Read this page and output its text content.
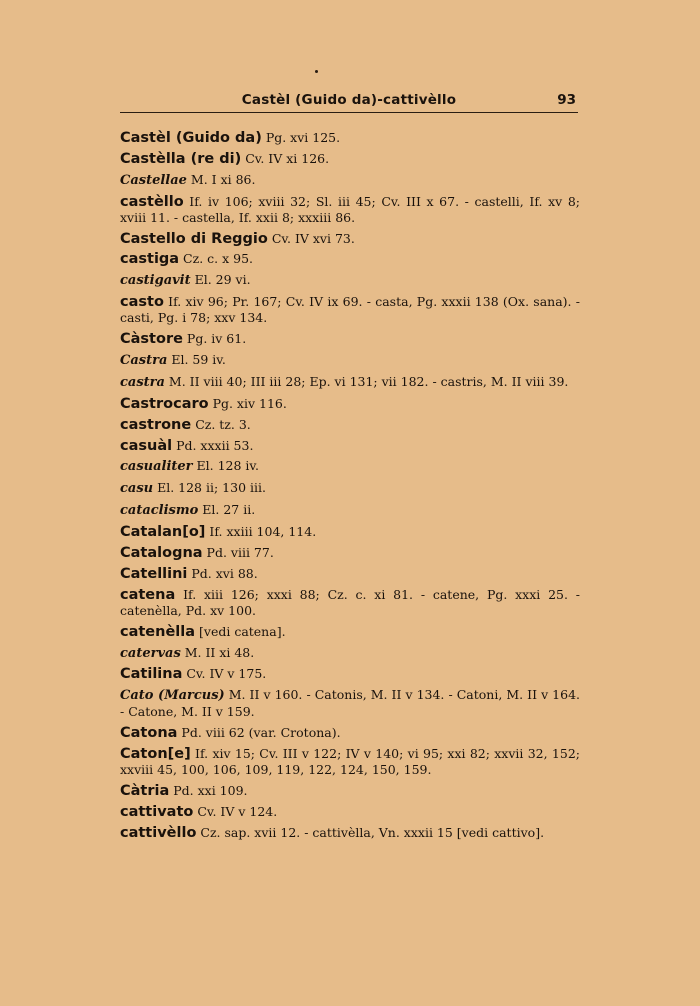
Castèl (Guido da)-cattivèllo	93
Castèl (Guido da) Pg. xvi 125.
Castèlla (re di) Cv. IV xi 126.
Castellae M. I xi 86.
castèllo If. iv 106; xviii 32; Sl. iii 45; Cv. III x 67. - castelli, If. xv 8; xviii 11. - castella, If. xxii 8; xxxiii 86.
Castello di Reggio Cv. IV xvi 73.
castiga Cz. c. x 95.
castigavit El. 29 vi.
casto If. xiv 96; Pr. 167; Cv. IV ix 69. - casta, Pg. xxxii 138 (Ox. sana). - casti, Pg. i 78; xxv 134.
Càstore Pg. iv 61.
Castra El. 59 iv.
castra M. II viii 40; III iii 28; Ep. vi 131; vii 182. - castris, M. II viii 39.
Castrocaro Pg. xiv 116.
castrone Cz. tz. 3.
casuàl Pd. xxxii 53.
casualiter El. 128 iv.
casu El. 128 ii; 130 iii.
cataclismo El. 27 ii.
Catalan[o] If. xxiii 104, 114.
Catalogna Pd. viii 77.
Catellini Pd. xvi 88.
catena If. xiii 126; xxxi 88; Cz. c. xi 81. - catene, Pg. xxxi 25. - catenèlla, Pd. xv 100.
catenèlla [vedi catena].
catervas M. II xi 48.
Catilina Cv. IV v 175.
Cato (Marcus) M. II v 160. - Catonis, M. II v 134. - Catoni, M. II v 164. - Catone, M. II v 159.
Catona Pd. viii 62 (var. Crotona).
Caton[e] If. xiv 15; Cv. III v 122; IV v 140; vi 95; xxi 82; xxvii 32, 152; xxviii 45, 100, 106, 109, 119, 122, 124, 150, 159.
Càtria Pd. xxi 109.
cattivato Cv. IV v 124.
cattivèllo Cz. sap. xvii 12. - cattivèlla, Vn. xxxii 15 [vedi cattivo].
